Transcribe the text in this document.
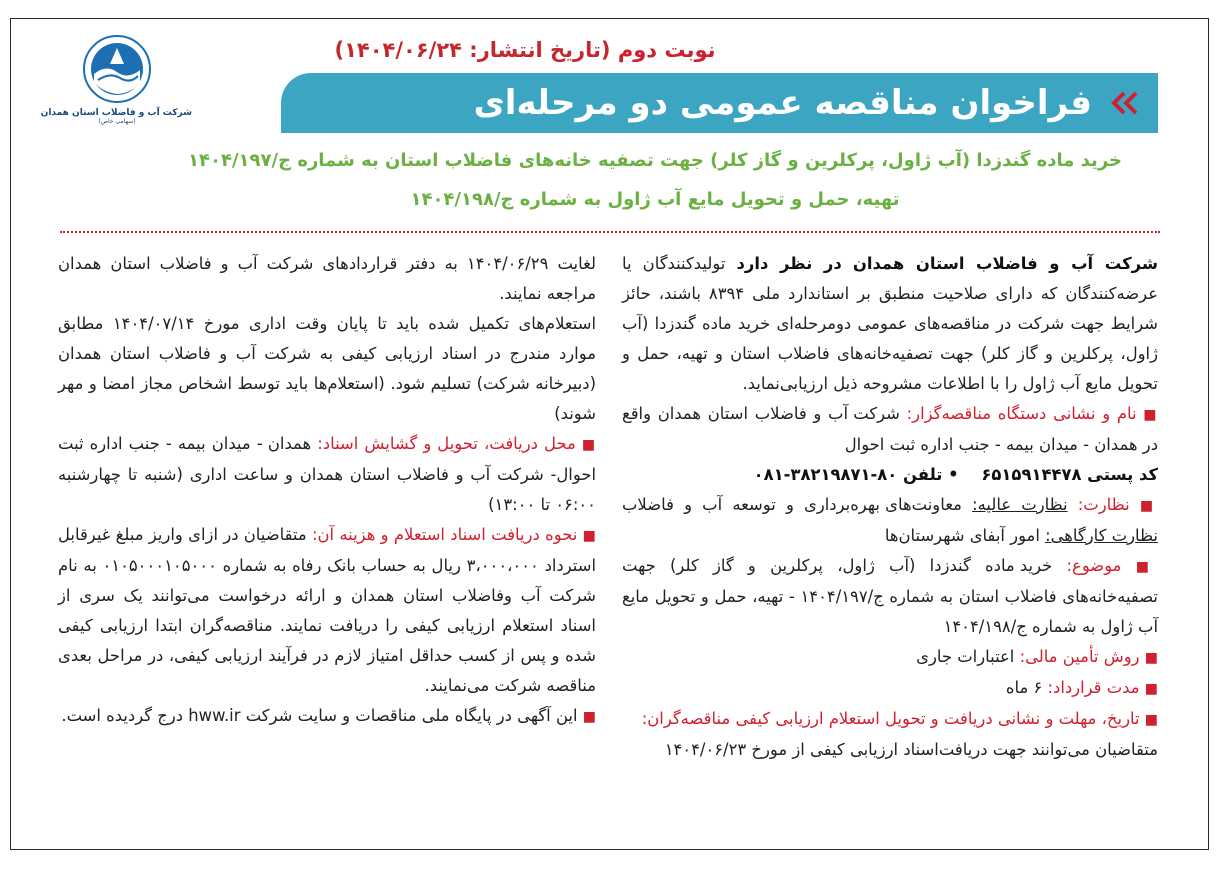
شرکت آب و فاضلاب استان همدان
(سهامی خاص)
(تاریخ انتشار: ۱۴۰۴/۰۶/۲۴) نوبت دوم
فراخوان مناقصه عمومی دو مرحله‌ای
خرید ماده گندزدا (آب ژاول، پرکلرین و گاز کلر) جهت تصفیه خانه‌های فاضلاب استان به شماره ج/۱۴۰۴/۱۹۷
تهیه، حمل و تحویل مایع آب ژاول به شماره ج/۱۴۰۴/۱۹۸

شرکت آب و فاضلاب استان همدان در نظر دارد تولیدکنندگان یا عرضه‌کنندگان که دارای صلاحیت منطبق بر استاندارد ملی ۸۳۹۴ باشند، حائز شرایط جهت شرکت در مناقصه‌های عمومی دومرحله‌ای خرید ماده گندزدا (آب ژاول، پرکلرین و گاز کلر) جهت تصفیه‌خانه‌های فاضلاب استان و تهیه، حمل و تحویل مایع آب ژاول را با اطلاعات مشروحه ذیل ارزیابی‌نماید.

■ نام و نشانی دستگاه مناقصه‌گزار: شرکت آب و فاضلاب استان همدان واقع در همدان - میدان بیمه - جنب اداره ثبت احوال

کد پستی ۶۵۱۵۹۱۴۴۷۸    • تلفن ۸۰-۳۸۲۱۹۸۷۱-۰۸۱

■ نظارت: نظارت عالیه: معاونت‌های بهره‌برداری و توسعه آب و فاضلاب نظارت کارگاهی: امور آبفای شهرستان‌ها

■ موضوع: خرید ماده گندزدا (آب ژاول، پرکلرین و گاز کلر) جهت تصفیه‌خانه‌های فاضلاب استان به شماره ج/۱۴۰۴/۱۹۷ - تهیه، حمل و تحویل مایع آب ژاول به شماره ج/۱۴۰۴/۱۹۸

■ روش تأمین مالی: اعتبارات جاری

■ مدت قرارداد: ۶ ماه

■ تاریخ، مهلت و نشانی دریافت و تحویل استعلام ارزیابی کیفی مناقصه‌گران:

متقاضیان می‌توانند جهت دریافت‌اسناد ارزیابی کیفی از مورخ ۱۴۰۴/۰۶/۲۳

لغایت ۱۴۰۴/۰۶/۲۹ به دفتر قراردادهای شرکت آب و فاضلاب استان همدان مراجعه نمایند.

استعلام‌های تکمیل شده باید تا پایان وقت اداری مورخ ۱۴۰۴/۰۷/۱۴ مطابق موارد مندرج در اسناد ارزیابی کیفی به شرکت آب و فاضلاب استان همدان (دبیرخانه شرکت) تسلیم شود. (استعلام‌ها باید توسط اشخاص مجاز امضا و مهر شوند)

■ محل دریافت، تحویل و گشایش اسناد: همدان - میدان بیمه - جنب اداره ثبت احوال- شرکت آب و فاضلاب استان همدان و ساعت اداری (شنبه تا چهارشنبه ۰۶:۰۰ تا ۱۳:۰۰)

■ نحوه دریافت اسناد استعلام و هزینه آن: متقاضیان در ازای واریز مبلغ غیرقابل استرداد ۳،۰۰۰،۰۰۰ ریال به حساب بانک رفاه به شماره ۰۱۰۵۰۰۰۱۰۵۰۰۰ به نام شرکت آب وفاضلاب استان همدان و ارائه درخواست می‌توانند یک سری از اسناد استعلام ارزیابی کیفی را دریافت نمایند. مناقصه‌گران ابتدا ارزیابی کیفی شده و پس از کسب حداقل امتیاز لازم در فرآیند ارزیابی کیفی، در مراحل بعدی مناقصه شرکت می‌نمایند.

■ این آگهی در پایگاه ملی مناقصات و سایت شرکت hww.ir درج گردیده است.
